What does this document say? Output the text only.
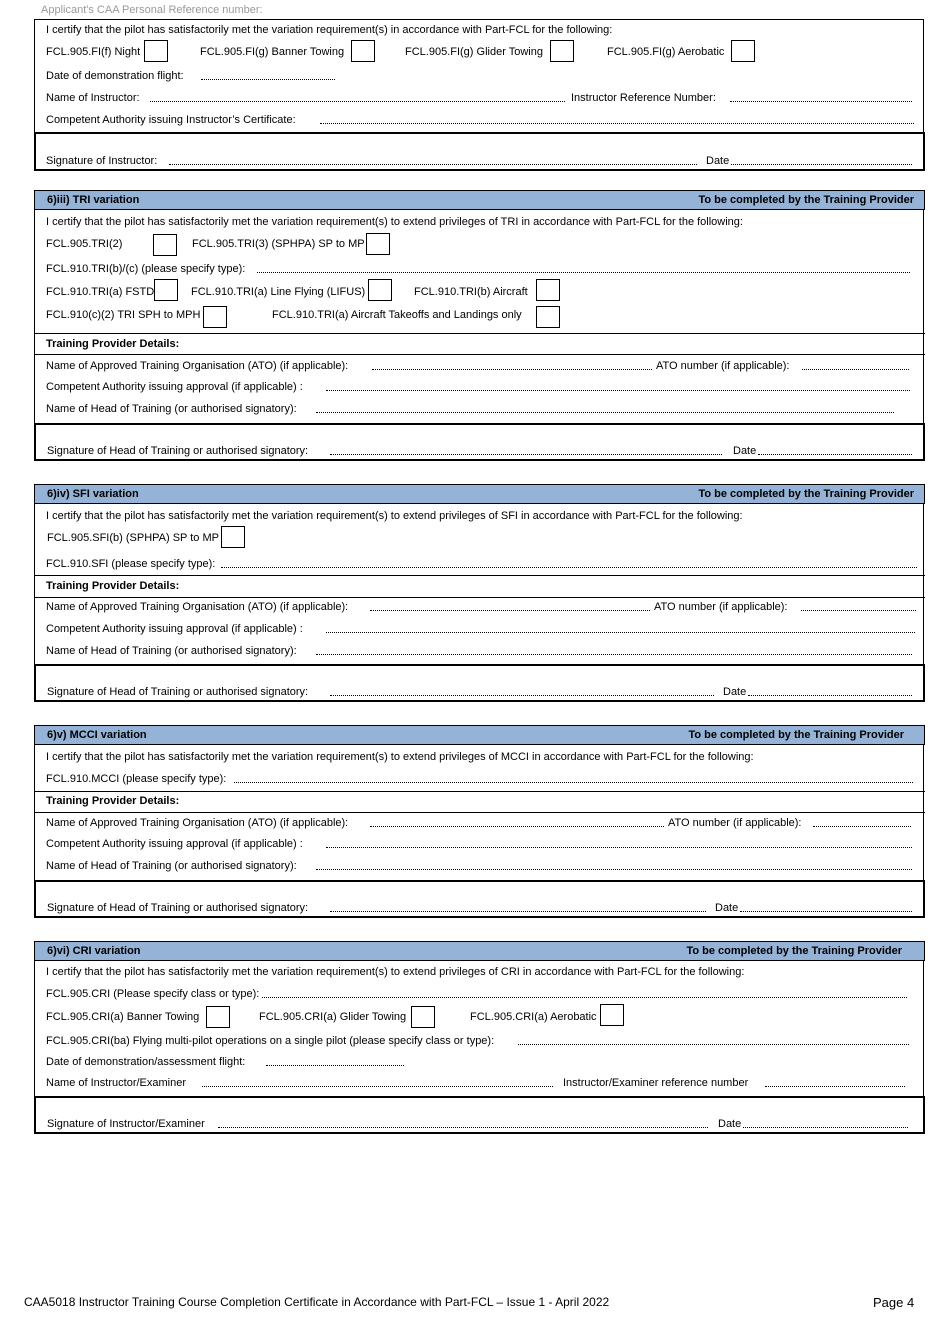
Applicant's CAA Personal Reference number:
I certify that the pilot has satisfactorily met the variation requirement(s) in accordance with Part-FCL for the following:
FCL.905.FI(f) Night	FCL.905.FI(g) Banner Towing	FCL.905.FI(g) Glider Towing	FCL.905.FI(g) Aerobatic
Date of demonstration flight:
Name of Instructor:	Instructor Reference Number:
Competent Authority issuing Instructor’s Certificate:
Signature of Instructor:	Date
6)iii) TRI variation	To be completed by the Training Provider
I certify that the pilot has satisfactorily met the variation requirement(s) to extend privileges of TRI in accordance with Part-FCL for the following:
FCL.905.TRI(2)	FCL.905.TRI(3) (SPHPA) SP to MP
FCL.910.TRI(b)/(c) (please specify type):
FCL.910.TRI(a) FSTD	FCL.910.TRI(a) Line Flying (LIFUS)	FCL.910.TRI(b) Aircraft
FCL.910(c)(2) TRI SPH to MPH	FCL.910.TRI(a) Aircraft Takeoffs and Landings only
Training Provider Details:
Name of Approved Training Organisation (ATO) (if applicable):	ATO number (if applicable):
Competent Authority issuing approval (if applicable) :
Name of Head of Training (or authorised signatory):
Signature of Head of Training or authorised signatory:	Date
6)iv) SFI variation	To be completed by the Training Provider
I certify that the pilot has satisfactorily met the variation requirement(s) to extend privileges of SFI in accordance with Part-FCL for the following:
FCL.905.SFI(b) (SPHPA) SP to MP
FCL.910.SFI (please specify type):
Training Provider Details:
Name of Approved Training Organisation (ATO) (if applicable):	ATO number (if applicable):
Competent Authority issuing approval (if applicable) :
Name of Head of Training (or authorised signatory):
Signature of Head of Training or authorised signatory:	Date
6)v) MCCI variation	To be completed by the Training Provider
I certify that the pilot has satisfactorily met the variation requirement(s) to extend privileges of MCCI in accordance with Part-FCL for the following:
FCL.910.MCCI (please specify type):
Training Provider Details:
Name of Approved Training Organisation (ATO) (if applicable):	ATO number (if applicable):
Competent Authority issuing approval (if applicable) :
Name of Head of Training (or authorised signatory):
Signature of Head of Training or authorised signatory:	Date
6)vi) CRI variation	To be completed by the Training Provider
I certify that the pilot has satisfactorily met the variation requirement(s) to extend privileges of CRI in accordance with Part-FCL for the following:
FCL.905.CRI (Please specify class or type):
FCL.905.CRI(a) Banner Towing	FCL.905.CRI(a) Glider Towing	FCL.905.CRI(a) Aerobatic
FCL.905.CRI(ba) Flying multi-pilot operations on a single pilot (please specify class or type):
Date of demonstration/assessment flight:
Name of Instructor/Examiner	Instructor/Examiner reference number
Signature of Instructor/Examiner	Date
CAA5018 Instructor Training Course Completion Certificate in Accordance with Part-FCL – Issue 1 - April 2022	Page 4
